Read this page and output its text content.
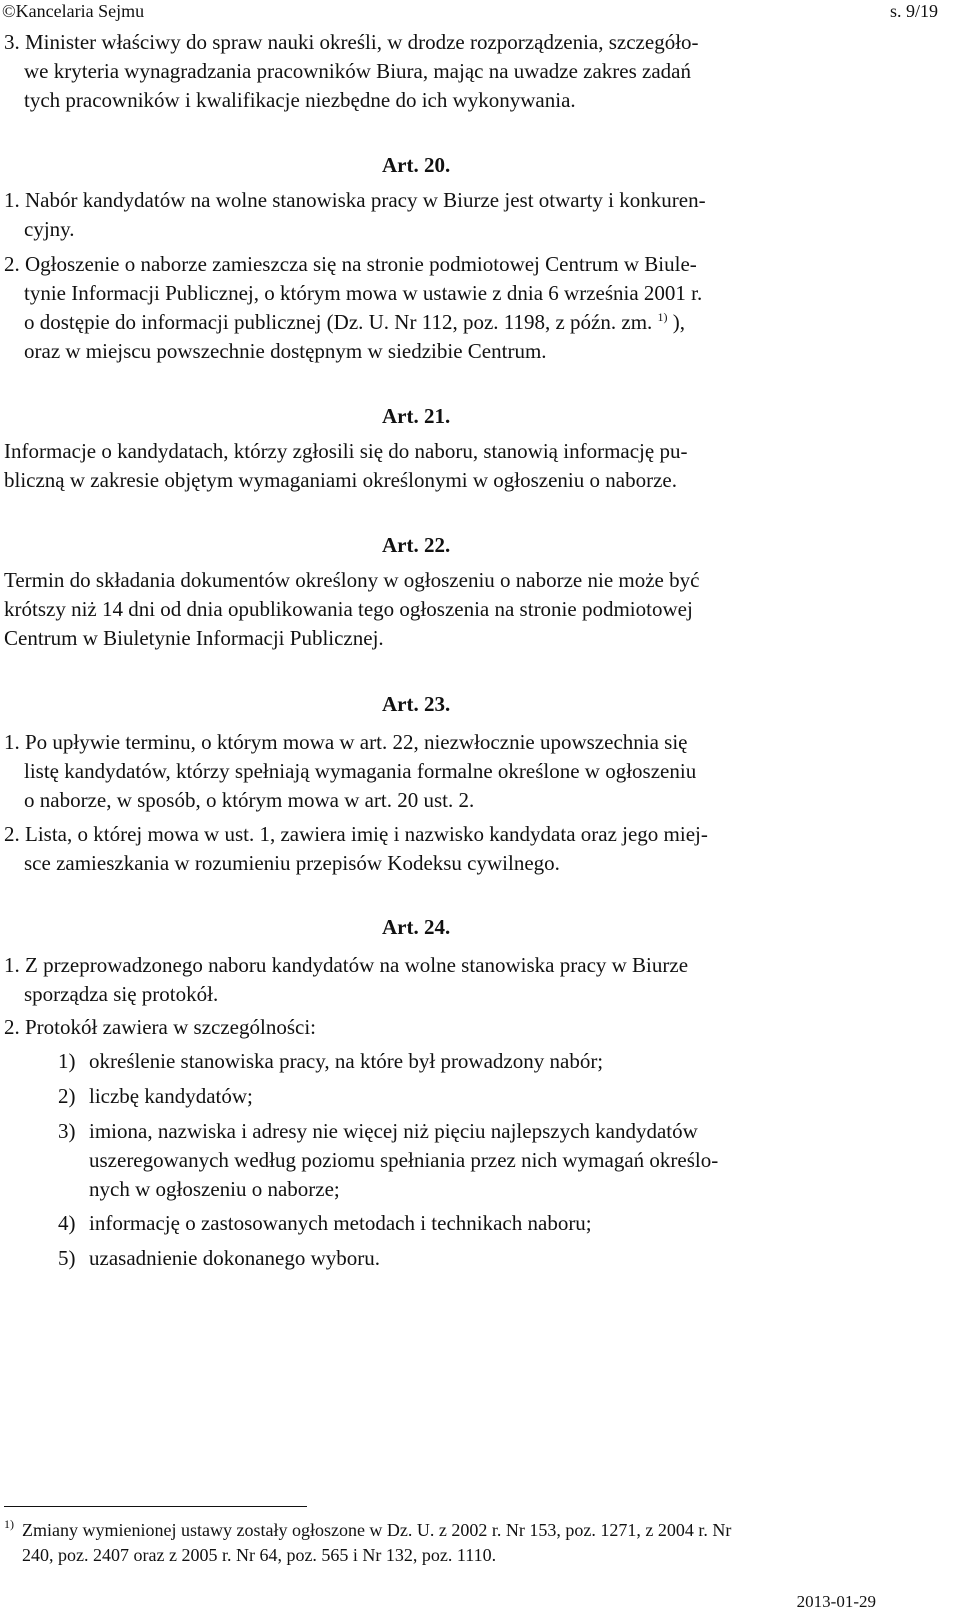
©Kancelaria Sejmu	s. 9/19
3. Minister właściwy do spraw nauki określi, w drodze rozporządzenia, szczegóło-
we kryteria wynagradzania pracowników Biura, mając na uwadze zakres zadań
tych pracowników i kwalifikacje niezbędne do ich wykonywania.
Art. 20.
1. Nabór kandydatów na wolne stanowiska pracy w Biurze jest otwarty i konkuren-
cyjny.
2. Ogłoszenie o naborze zamieszcza się na stronie podmiotowej Centrum w Biule-
tynie Informacji Publicznej, o którym mowa w ustawie z dnia 6 września 2001 r.
o dostępie do informacji publicznej (Dz. U. Nr 112, poz. 1198, z późn. zm. $^{1)}$ ),
oraz w miejscu powszechnie dostępnym w siedzibie Centrum.
Art. 21.
Informacje o kandydatach, którzy zgłosili się do naboru, stanowią informację pu-
bliczną w zakresie objętym wymaganiami określonymi w ogłoszeniu o naborze.
Art. 22.
Termin do składania dokumentów określony w ogłoszeniu o naborze nie może być
krótszy niż 14 dni od dnia opublikowania tego ogłoszenia na stronie podmiotowej
Centrum w Biuletynie Informacji Publicznej.
Art. 23.
1. Po upływie terminu, o którym mowa w art. 22, niezwłocznie upowszechnia się
listę kandydatów, którzy spełniają wymagania formalne określone w ogłoszeniu
o naborze, w sposób, o którym mowa w art. 20 ust. 2.
2. Lista, o której mowa w ust. 1, zawiera imię i nazwisko kandydata oraz jego miej-
sce zamieszkania w rozumieniu przepisów Kodeksu cywilnego.
Art. 24.
1. Z przeprowadzonego naboru kandydatów na wolne stanowiska pracy w Biurze
sporządza się protokół.
2. Protokół zawiera w szczególności:
1) określenie stanowiska pracy, na które był prowadzony nabór;
2) liczbę kandydatów;
3) imiona, nazwiska i adresy nie więcej niż pięciu najlepszych kandydatów
uszeregowanych według poziomu spełniania przez nich wymagań określo-
nych w ogłoszeniu o naborze;
4) informację o zastosowanych metodach i technikach naboru;
5) uzasadnienie dokonanego wyboru.
1) Zmiany wymienionej ustawy zostały ogłoszone w Dz. U. z 2002 r. Nr 153, poz. 1271, z 2004 r. Nr
240, poz. 2407 oraz z 2005 r. Nr 64, poz. 565 i Nr 132, poz. 1110.
2013-01-29
